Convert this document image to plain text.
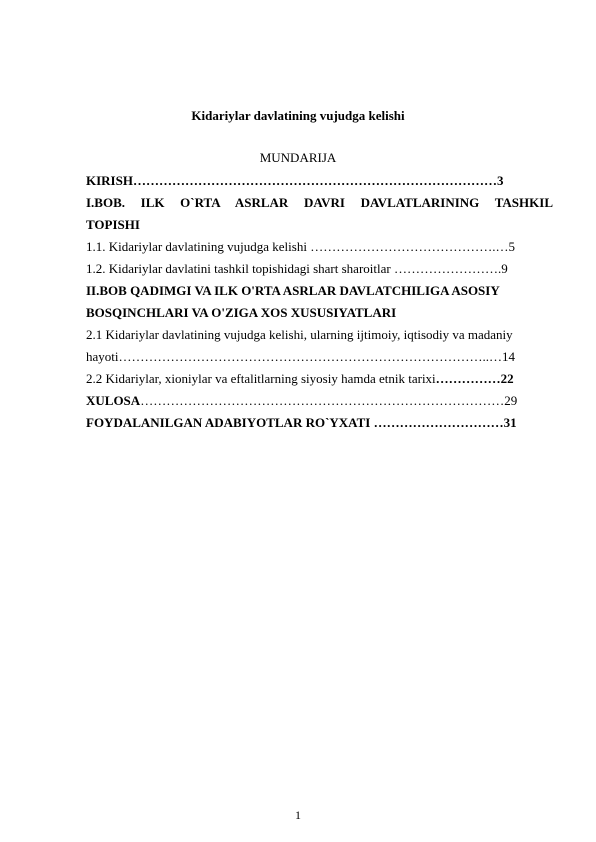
Kidariylar davlatining vujudga kelishi
MUNDARIJA
KIRISH…………………………………………………………………………3
I.BOB. ILK O`RTA ASRLAR DAVRI DAVLATLARINING TASHKIL
TOPISHI
1.1. Kidariylar davlatining vujudga kelishi …………………………………….…5
1.2. Kidariylar davlatini tashkil topishidagi shart sharoitlar …………………….9
II.BOB QADIMGI VA ILK O'RTA ASRLAR DAVLATCHILIGA ASOSIY
BOSQINCHLARI VA O'ZIGA XOS XUSUSIYATLARI
2.1 Kidariylar davlatining vujudga kelishi, ularning ijtimoiy, iqtisodiy va madaniy
hayoti…………………………………………………………………………..…14
2.2 Kidariylar, xioniylar va eftalitlarning siyosiy hamda etnik tarixi……………22
XULOSA…………………………………………………………………………29
FOYDALANILGAN ADABIYOTLAR RO`YXATI …………………………31
1
